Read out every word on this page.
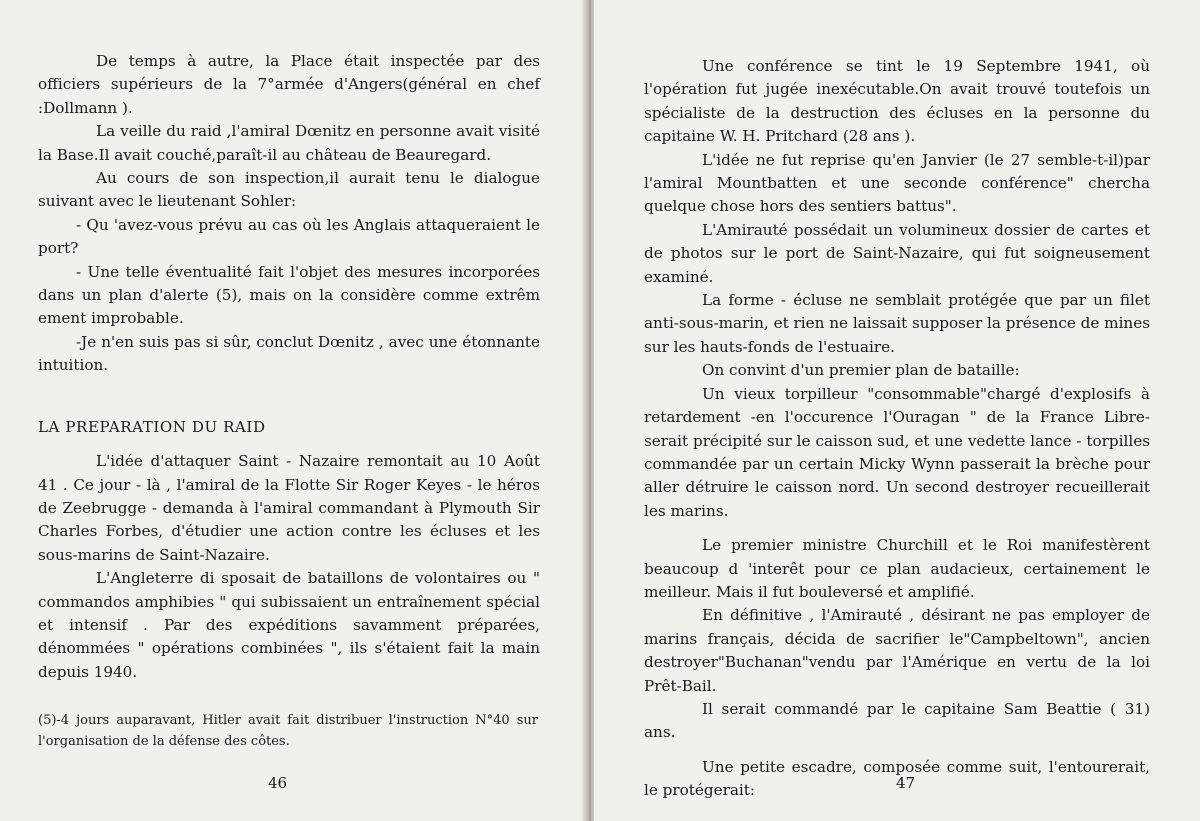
De temps à autre, la Place était inspectée par des officiers supérieurs de la 7°armée d'Angers(général en chef :Dollmann ).

La veille du raid ,l'amiral Dœnitz en personne avait visité la Base.Il avait couché,paraît-il au château de Beauregard.

Au cours de son inspection,il aurait tenu le dialogue suivant avec le lieutenant Sohler:

- Qu 'avez-vous prévu au cas où les Anglais attaqueraient le port?

- Une telle éventualité fait l'objet des mesures incorporées dans un plan d'alerte (5), mais on la considère comme extrêm ement improbable.

-Je n'en suis pas si sûr, conclut Dœnitz , avec une étonnante intuition.

LA PREPARATION DU RAID

L'idée d'attaquer Saint - Nazaire remontait au 10 Août 41 . Ce jour - là , l'amiral de la Flotte Sir Roger Keyes - le héros de Zeebrugge - demanda à l'amiral commandant à Plymouth Sir Charles Forbes, d'étudier une action contre les écluses et les sous-marins de Saint-Nazaire.

L'Angleterre di sposait de bataillons de volontaires ou " commandos amphibies " qui subissaient un entraînement spécial et intensif . Par des expéditions savamment préparées, dénommées " opérations combinées ", ils s'étaient fait la main depuis 1940.

(5)-4 jours auparavant, Hitler avait fait distribuer l'instruction N°40 sur l'organisation de la défense des côtes.
46

Une conférence se tint le 19 Septembre 1941, où l'opération fut jugée inexécutable.On avait trouvé toutefois un spécialiste de la destruction des écluses en la personne du capitaine W. H. Pritchard (28 ans ).

L'idée ne fut reprise qu'en Janvier (le 27 semble-t-il)par l'amiral Mountbatten et une seconde conférence" chercha quelque chose hors des sentiers battus".

L'Amirauté possédait un volumineux dossier de cartes et de photos sur le port de Saint-Nazaire, qui fut soigneusement examiné.

La forme - écluse ne semblait protégée que par un filet anti-sous-marin, et rien ne laissait supposer la présence de mines sur les hauts-fonds de l'estuaire.

On convint d'un premier plan de bataille:

Un vieux torpilleur "consommable"chargé d'explosifs à retardement -en l'occurence l'Ouragan " de la France Libre- serait précipité sur le caisson sud, et une vedette lance - torpilles commandée par un certain Micky Wynn passerait la brèche pour aller détruire le caisson nord. Un second destroyer recueillerait les marins.

Le premier ministre Churchill et le Roi manifestèrent beaucoup d 'interêt pour ce plan audacieux, certainement le meilleur. Mais il fut bouleversé et amplifié.

En définitive , l'Amirauté , désirant ne pas employer de marins français, décida de sacrifier le"Campbeltown", ancien destroyer"Buchanan"vendu par l'Amérique en vertu de la loi Prêt-Bail.

Il serait commandé par le capitaine Sam Beattie ( 31) ans.

Une petite escadre, composée comme suit, l'entourerait, le protégerait:	47
